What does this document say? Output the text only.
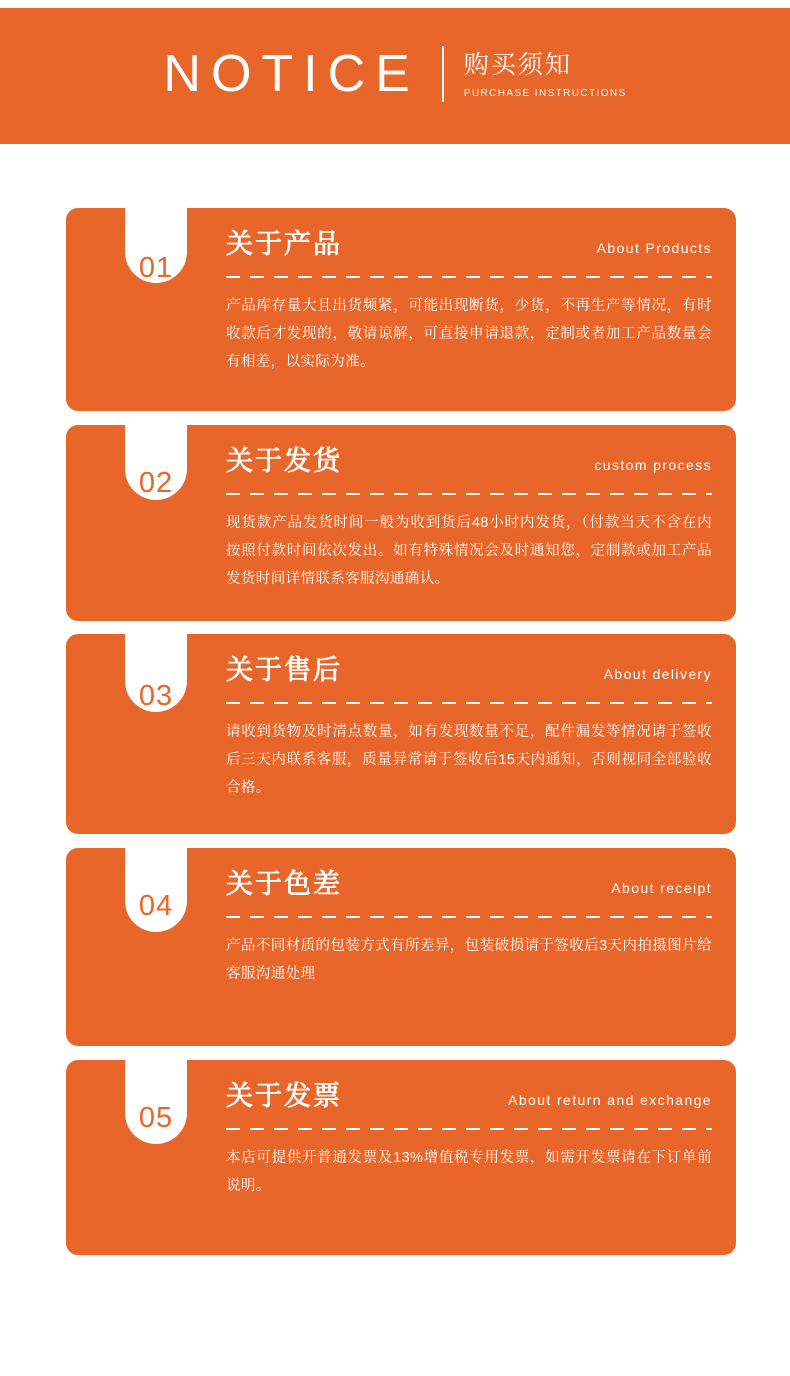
NOTICE	购买须知
PURCHASE INSTRUCTIONS
01
关于产品	About Products
产品库存量大且出货频紧，可能出现断货，少货，不再生产等情况，有时收款后才发现的，敬请谅解，可直接申请退款，定制或者加工产品数量会有相差，以实际为准。
02
关于发货	custom process
现货款产品发货时间一般为收到货后48小时内发货，（付款当天不含在内按照付款时间依次发出。如有特殊情况会及时通知您，定制款或加工产品发货时间详情联系客服沟通确认。
03
关于售后	About delivery
请收到货物及时清点数量，如有发现数量不足，配件漏发等情况请于签收后三天内联系客服，质量异常请于签收后15天内通知，否则视同全部验收合格。
04
关于色差	About receipt
产品不同材质的包装方式有所差异，包装破损请于签收后3天内拍摄图片给客服沟通处理
05
关于发票	About return and exchange
本店可提供开普通发票及13%增值税专用发票，如需开发票请在下订单前说明。
